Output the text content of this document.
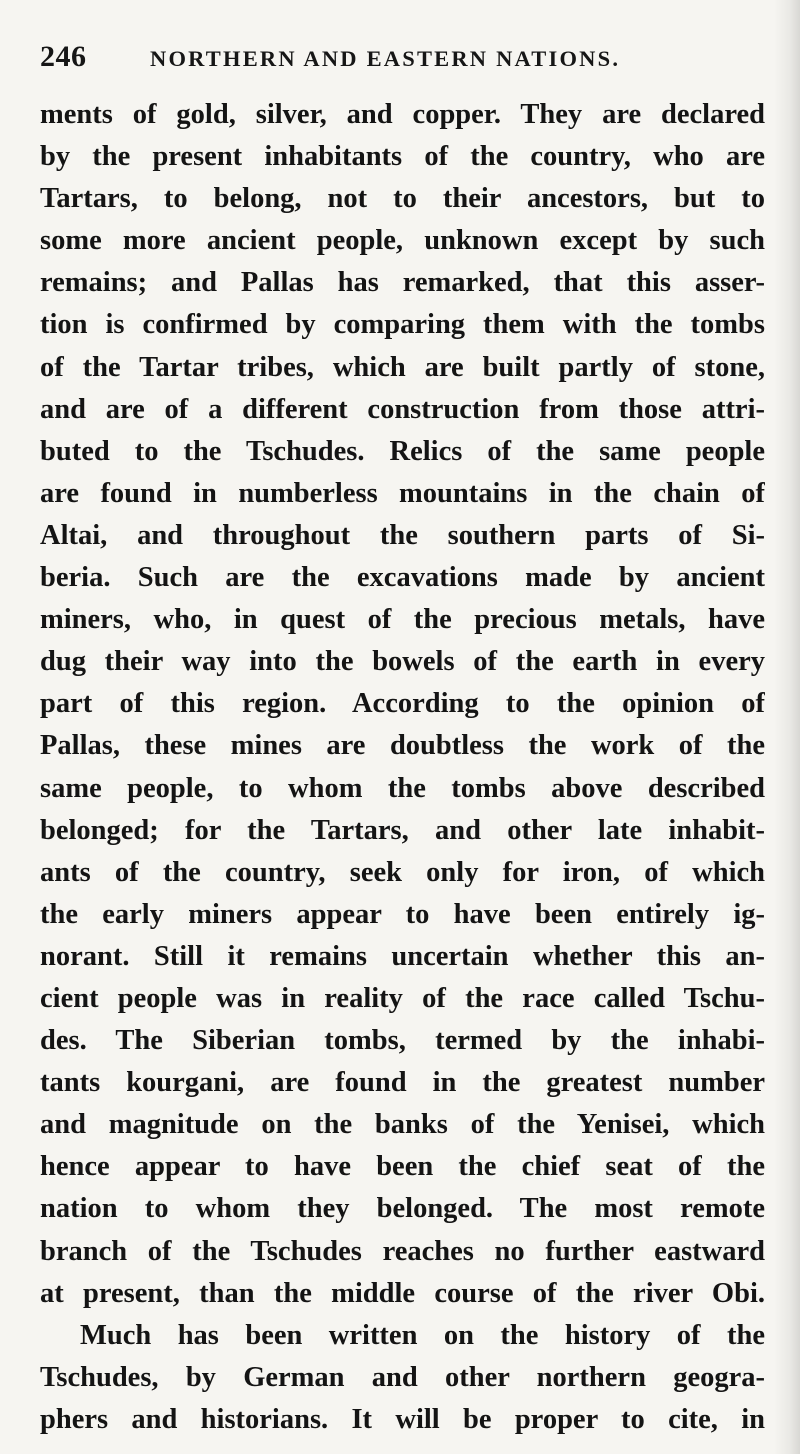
246	NORTHERN AND EASTERN NATIONS.
ments of gold, silver, and copper. They are declared
by the present inhabitants of the country, who are
Tartars, to belong, not to their ancestors, but to
some more ancient people, unknown except by such
remains; and Pallas has remarked, that this asser-
tion is confirmed by comparing them with the tombs
of the Tartar tribes, which are built partly of stone,
and are of a different construction from those attri-
buted to the Tschudes. Relics of the same people
are found in numberless mountains in the chain of
Altai, and throughout the southern parts of Si-
beria. Such are the excavations made by ancient
miners, who, in quest of the precious metals, have
dug their way into the bowels of the earth in every
part of this region. According to the opinion of
Pallas, these mines are doubtless the work of the
same people, to whom the tombs above described
belonged; for the Tartars, and other late inhabit-
ants of the country, seek only for iron, of which
the early miners appear to have been entirely ig-
norant. Still it remains uncertain whether this an-
cient people was in reality of the race called Tschu-
des. The Siberian tombs, termed by the inhabi-
tants kourgani, are found in the greatest number
and magnitude on the banks of the Yenisei, which
hence appear to have been the chief seat of the
nation to whom they belonged. The most remote
branch of the Tschudes reaches no further eastward
at present, than the middle course of the river Obi.
Much has been written on the history of the
Tschudes, by German and other northern geogra-
phers and historians. It will be proper to cite, in
